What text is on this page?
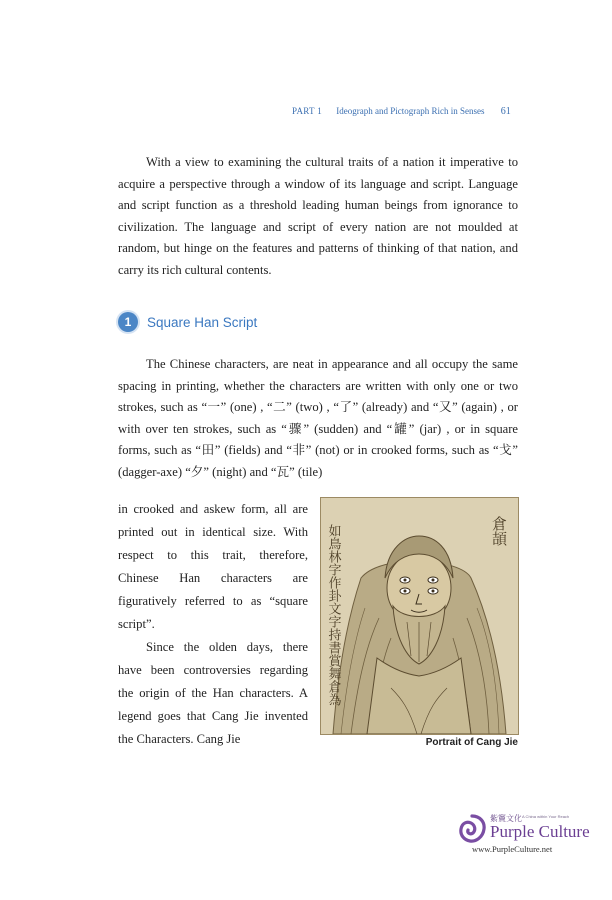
PART 1 Ideograph and Pictograph Rich in Senses 61

With a view to examining the cultural traits of a nation it imperative to acquire a perspective through a window of its language and script. Language and script function as a threshold leading human beings from ignorance to civilization. The language and script of every nation are not moulded at random, but hinge on the features and patterns of thinking of that nation, and carry its rich cultural contents.

1	Square Han Script

The Chinese characters, are neat in appearance and all occupy the same spacing in printing, whether the characters are written with only one or two strokes, such as “一” (one) , “二” (two) , “了” (already) and “又” (again) , or with over ten strokes, such as “骤” (sudden) and “罐” (jar) , or in square forms, such as “田” (fields) and “非” (not) or in crooked forms, such as “戈” (dagger-axe) “夕” (night) and “瓦” (tile)

in crooked and askew form, all are printed out in identical size. With respect to this trait, therefore, Chinese Han characters are figuratively referred to as “square script”.

Since the olden days, there have been controversies regarding the origin of the Han characters. A legend goes that Cang Jie invented the Characters. Cang Jie

如鳥林字作卦文字持書賞舞倉為	倉頡
Portrait of Cang Jie
紫竇文化 A China within Your Reach
Purple Culture
www.PurpleCulture.net
